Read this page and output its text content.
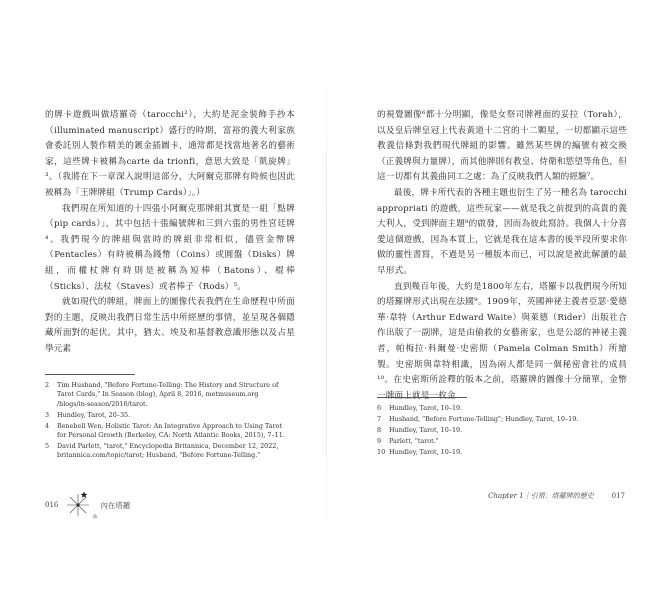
的牌卡遊戲叫做塔羅奇（tarocchi²），大約是泥金裝飾手抄本（illuminated manuscript）盛行的時期，富裕的義大利家族會委託別人製作精美的鍍金插圖卡，通常都是找當地著名的藝術家，這些牌卡被稱為carte da trionfi，意思大致是「凱旋牌」³。（我將在下一章深入說明這部分，大阿爾克那牌有時候也因此被稱為「王牌牌組（Trump Cards）」。）

我們現在所知道的十四張小阿爾克那牌組其實是一組「點牌（pip cards）」，其中包括十張編號牌和三到六張的男性宮廷牌⁴。我們現今的牌組與當時的牌組非常相似，儘管金幣牌（Pentacles）有時被稱為錢幣（Coins）或圓盤（Disks）牌組，而權杖牌有時則是被稱為短棒（Batons）、棍棒（Sticks）、法杖（Staves）或者棒子（Rods）⁵。

就如現代的牌組，牌面上的圖像代表我們在生命歷程中所面對的主題，反映出我們日常生活中所經歷的事情，並呈現各個隱藏所面對的起伏。其中，猶太、埃及和基督教意識形態以及占星學元素

2	Tim Husband, "Before Fortune-Telling: The History and Structure of Tarot Cards," In Season (blog), April 8, 2016, metmuseum.org /blogs/in-season/2016/tarot.
3	Hundley, Tarot, 20–35.
4	Benebell Wen, Holistic Tarot: An Integrative Approach to Using Tarot for Personal Growth (Berkeley, CA: North Atlantic Books, 2015), 7–11.
5	David Parlett, "tarot," Encyclopedia Britannica, December 12, 2022, britannica.com/topic/tarot; Husband, "Before Fortune-Telling."
016	內在塔羅

的視覺圖像⁶都十分明顯，像是女祭司牌裡面的妥拉（Torah），以及皇后牌皇冠上代表黃道十二宮的十二顆星，一切都顯示這些教義信條對我們現代牌組的影響。雖然某些牌的編號有被交換（正義牌與力量牌），而其他牌則有教皇、侍衛和慾望等角色，但這一切都有其義曲同工之處：為了反映我們人類的經驗⁷。

最後，牌卡所代表的各種主題也衍生了另一種名為 tarocchi appropriati 的遊戲，這些玩家——就是我之前提到的高貴的義大利人，受到牌面主題⁸的啟發，因而為彼此寫詩。我個人十分喜愛這個遊戲，因為本質上，它就是我在這本書的後半段所要求你做的靈性書寫，不過是另一種版本而已，可以說是被此解讀的最早形式。

直到幾百年後，大約是1800年左右，塔羅卡以我們現今所知的塔羅牌形式出現在法國⁹。1909年，英國神祕主義者亞瑟·愛德華·韋特（Arthur Edward Waite）與萊德（Rider）出版社合作出版了一副牌，這是由偷救的女藝術家，也是公認的神祕主義者，帕梅拉·科爾曼·史密斯（Pamela Colman Smith）所繪製。史密斯與韋特相識，因為兩人都是同一個秘密會社的成員¹⁰。在史密斯所詮釋的版本之前，塔羅牌的圖像十分簡單，金幣一牌面上就是一枚金

6	Hundley, Tarot, 10–19.
7	Husband, "Before Fortune-Telling"; Hundley, Tarot, 10–19.
8	Hundley, Tarot, 10–19.
9	Parlett, "tarot."
10 Hundley, Tarot, 10–19.
Chapter 1｜引領：塔羅牌的歷史	017
